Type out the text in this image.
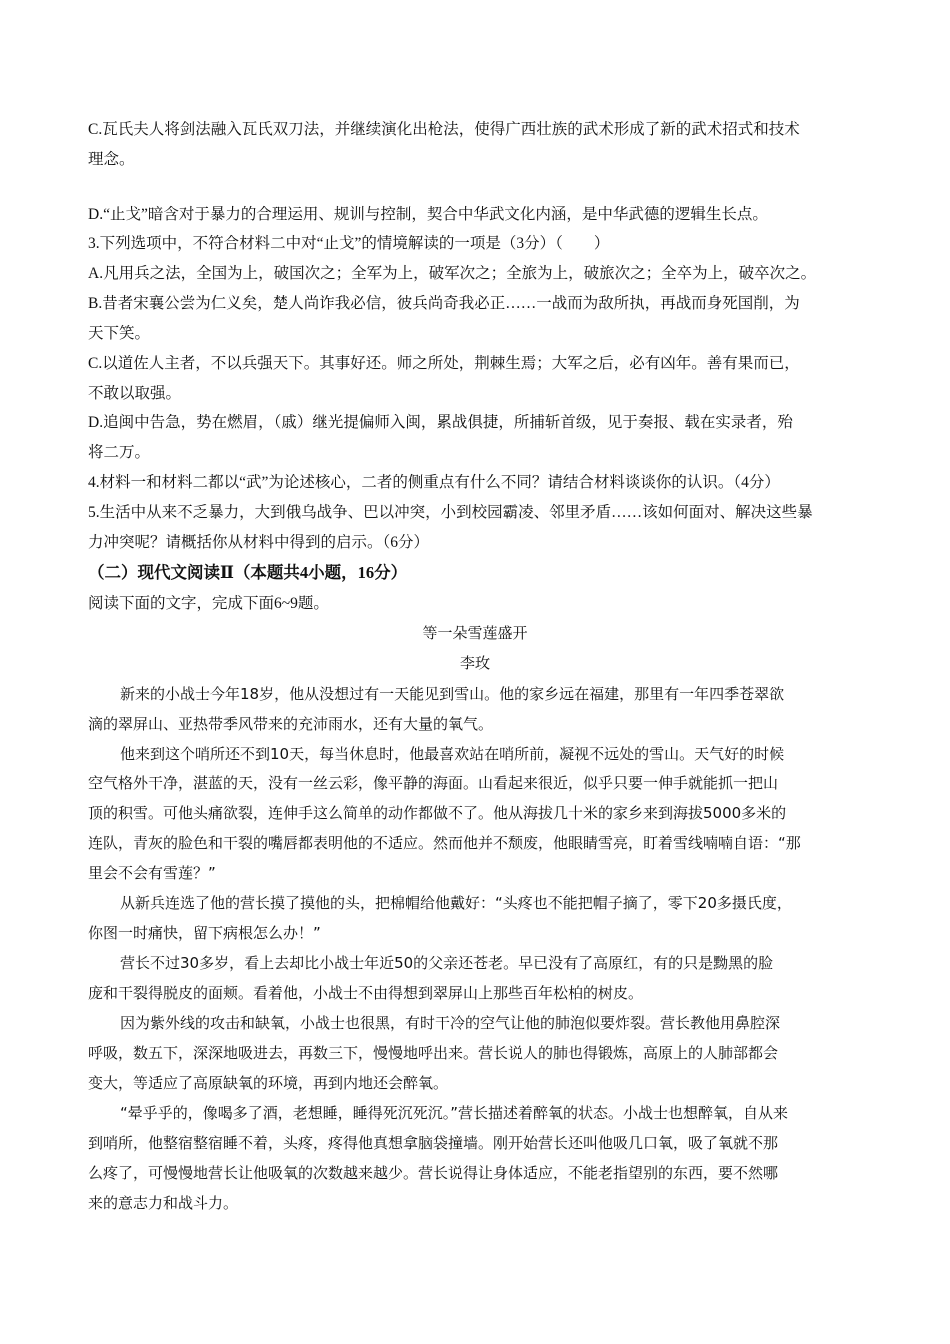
C.瓦氏夫人将剑法融入瓦氏双刀法，并继续演化出枪法，使得广西壮族的武术形成了新的武术招式和技术
理念。
D.“止戈”暗含对于暴力的合理运用、规训与控制，契合中华武文化内涵，是中华武德的逻辑生长点。
3.下列选项中，不符合材料二中对“止戈”的情境解读的一项是（3分）（　　）
A.凡用兵之法，全国为上，破国次之；全军为上，破军次之；全旅为上，破旅次之；全卒为上，破卒次之。
B.昔者宋襄公尝为仁义矣，楚人尚诈我必信，彼兵尚奇我必正……一战而为敌所执，再战而身死国削，为
天下笑。
C.以道佐人主者，不以兵强天下。其事好还。师之所处，荆棘生焉；大军之后，必有凶年。善有果而已，
不敢以取强。
D.追闽中告急，势在燃眉，（戚）继光提偏师入闽，累战俱捷，所捕斩首级，见于奏报、载在实录者，殆
将二万。
4.材料一和材料二都以“武”为论述核心，二者的侧重点有什么不同？请结合材料谈谈你的认识。（4分）
5.生活中从来不乏暴力，大到俄乌战争、巴以冲突，小到校园霸凌、邻里矛盾……该如何面对、解决这些暴
力冲突呢？请概括你从材料中得到的启示。（6分）
（二）现代文阅读Ⅱ（本题共4小题，16分）
阅读下面的文字，完成下面6~9题。
等一朵雪莲盛开
李玫
新来的小战士今年18岁，他从没想过有一天能见到雪山。他的家乡远在福建，那里有一年四季苍翠欲
滴的翠屏山、亚热带季风带来的充沛雨水，还有大量的氧气。
他来到这个哨所还不到10天，每当休息时，他最喜欢站在哨所前，凝视不远处的雪山。天气好的时候
空气格外干净，湛蓝的天，没有一丝云彩，像平静的海面。山看起来很近，似乎只要一伸手就能抓一把山
顶的积雪。可他头痛欲裂，连伸手这么简单的动作都做不了。他从海拔几十米的家乡来到海拔5000多米的
连队，青灰的脸色和干裂的嘴唇都表明他的不适应。然而他并不颓废，他眼睛雪亮，盯着雪线喃喃自语：“那
里会不会有雪莲？”
从新兵连选了他的营长摸了摸他的头，把棉帽给他戴好：“头疼也不能把帽子摘了，零下20多摄氏度，
你图一时痛快，留下病根怎么办！”
营长不过30多岁，看上去却比小战士年近50的父亲还苍老。早已没有了高原红，有的只是黝黑的脸
庞和干裂得脱皮的面颊。看着他，小战士不由得想到翠屏山上那些百年松柏的树皮。
因为紫外线的攻击和缺氧，小战士也很黑，有时干冷的空气让他的肺泡似要炸裂。营长教他用鼻腔深
呼吸，数五下，深深地吸进去，再数三下，慢慢地呼出来。营长说人的肺也得锻炼，高原上的人肺部都会
变大，等适应了高原缺氧的环境，再到内地还会醉氧。
“晕乎乎的，像喝多了酒，老想睡，睡得死沉死沉。”营长描述着醉氧的状态。小战士也想醉氧，自从来
到哨所，他整宿整宿睡不着，头疼，疼得他真想拿脑袋撞墙。刚开始营长还叫他吸几口氧，吸了氧就不那
么疼了，可慢慢地营长让他吸氧的次数越来越少。营长说得让身体适应，不能老指望别的东西，要不然哪
来的意志力和战斗力。
